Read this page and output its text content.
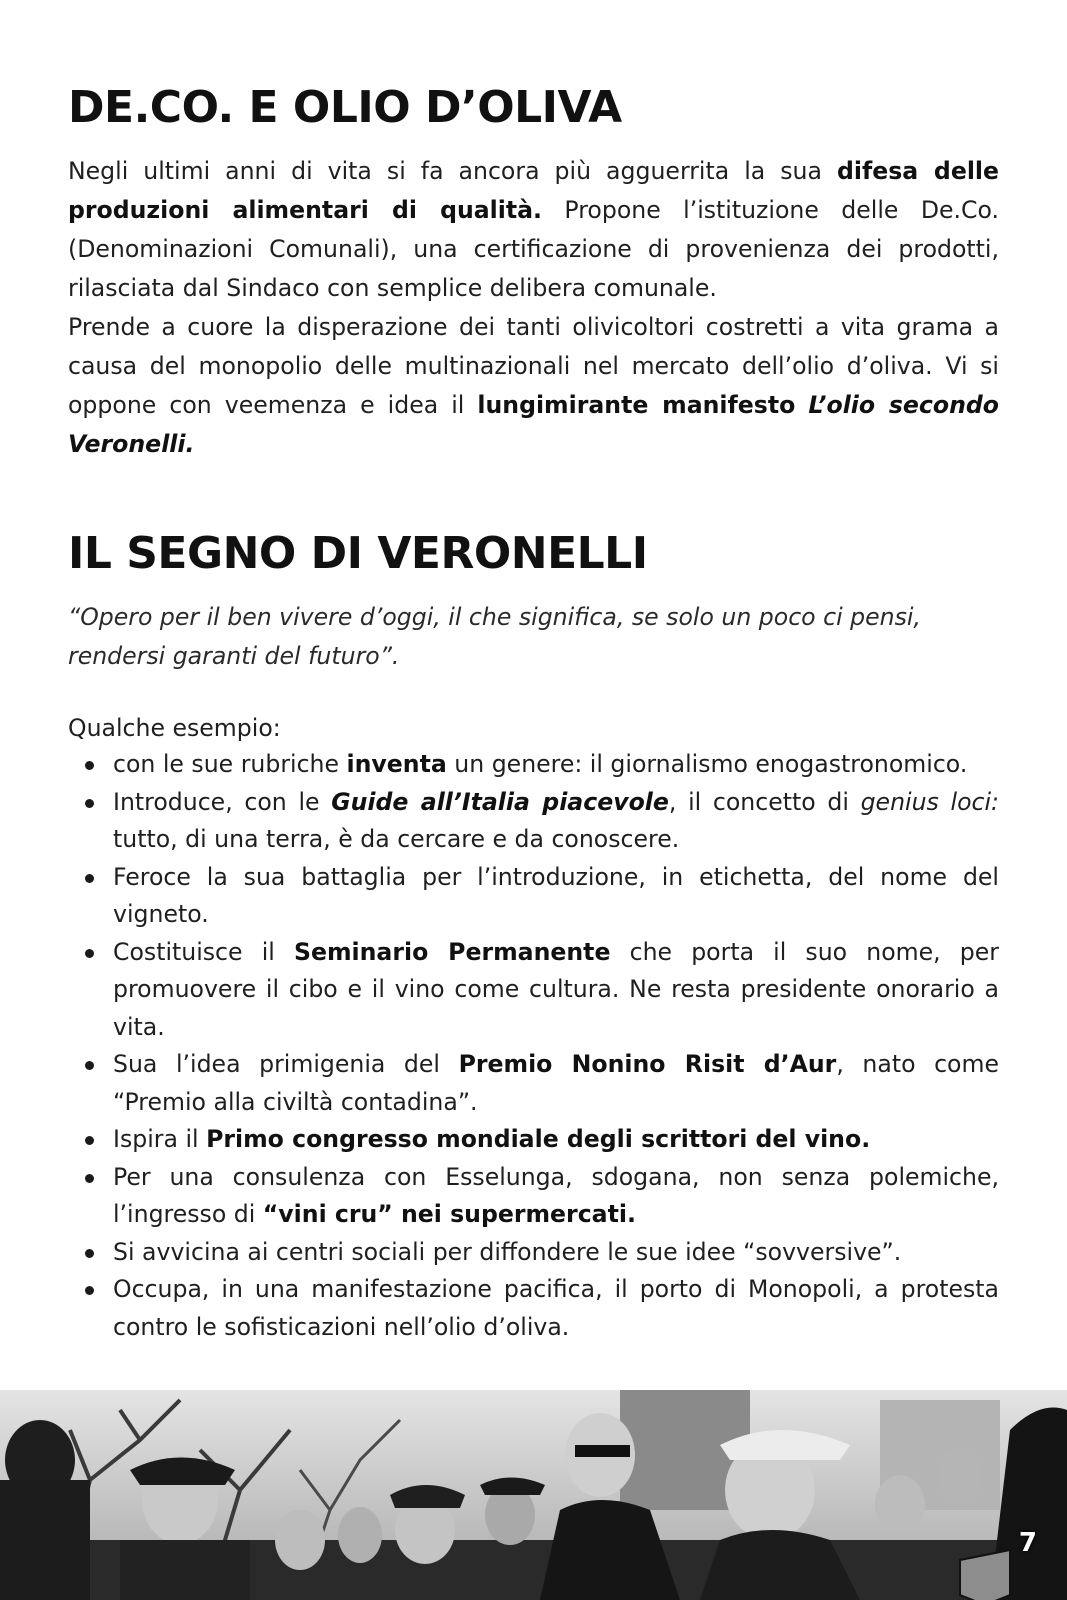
DE.CO. E OLIO D’OLIVA
Negli ultimi anni di vita si fa ancora più agguerrita la sua difesa delle produzioni alimentari di qualità. Propone l’istituzione delle De.Co. (Denominazioni Comunali), una certificazione di provenienza dei prodotti, rilasciata dal Sindaco con semplice delibera comunale.
Prende a cuore la disperazione dei tanti olivicoltori costretti a vita grama a causa del monopolio delle multinazionali nel mercato dell’olio d’oliva. Vi si oppone con veemenza e idea il lungimirante manifesto L’olio secondo Veronelli.
IL SEGNO DI VERONELLI

“Opero per il ben vivere d’oggi, il che significa, se solo un poco ci pensi, rendersi garanti del futuro”.

Qualche esempio:

con le sue rubriche inventa un genere: il giornalismo enogastronomico.
Introduce, con le Guide all’Italia piacevole, il concetto di genius loci: tutto, di una terra, è da cercare e da conoscere.
Feroce la sua battaglia per l’introduzione, in etichetta, del nome del vigneto.
Costituisce il Seminario Permanente che porta il suo nome, per promuovere il cibo e il vino come cultura. Ne resta presidente onorario a vita.
Sua l’idea primigenia del Premio Nonino Risit d’Aur, nato come “Premio alla civiltà contadina”.
Ispira il Primo congresso mondiale degli scrittori del vino.
Per una consulenza con Esselunga, sdogana, non senza polemiche, l’ingresso di “vini cru” nei supermercati.
Si avvicina ai centri sociali per diffondere le sue idee “sovversive”.
Occupa, in una manifestazione pacifica, il porto di Monopoli, a protesta contro le sofisticazioni nell’olio d’oliva.
7
